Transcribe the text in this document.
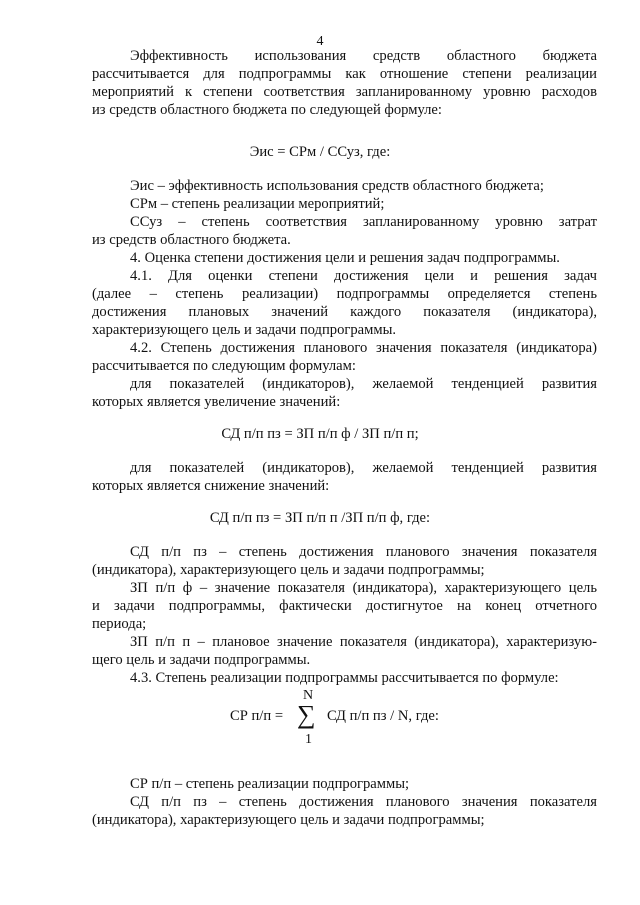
4
Эффективность использования средств областного бюджета
рассчитывается для подпрограммы как отношение степени реализации
мероприятий к степени соответствия запланированному уровню расходов
из средств областного бюджета по следующей формуле:
Эис = СРм / ССуз, где:
Эис – эффективность использования средств областного бюджета;
СРм – степень реализации мероприятий;
ССуз – степень соответствия запланированному уровню затрат
из средств областного бюджета.
4. Оценка степени достижения цели и решения задач подпрограммы.
4.1. Для оценки степени достижения цели и решения задач
(далее – степень реализации) подпрограммы определяется степень
достижения плановых значений каждого показателя (индикатора),
характеризующего цель и задачи подпрограммы.
4.2. Степень достижения планового значения показателя (индикатора)
рассчитывается по следующим формулам:
для показателей (индикаторов), желаемой тенденцией развития
которых является увеличение значений:
СД п/п пз = ЗП п/п ф / ЗП п/п п;
для показателей (индикаторов), желаемой тенденцией развития
которых является снижение значений:
СД п/п пз = ЗП п/п п /ЗП п/п ф, где:
СД п/п пз – степень достижения планового значения показателя
(индикатора), характеризующего цель и задачи подпрограммы;
ЗП п/п ф – значение показателя (индикатора), характеризующего цель
и задачи подпрограммы, фактически достигнутое на конец отчетного
периода;
ЗП п/п п – плановое значение показателя (индикатора), характеризую-
щего цель и задачи подпрограммы.
4.3. Степень реализации подпрограммы рассчитывается по формуле:
СР п/п – степень реализации подпрограммы;
СД п/п пз – степень достижения планового значения показателя
(индикатора), характеризующего цель и задачи подпрограммы;
СР п/п =
N
∑
1
СД п/п пз / N, где:
